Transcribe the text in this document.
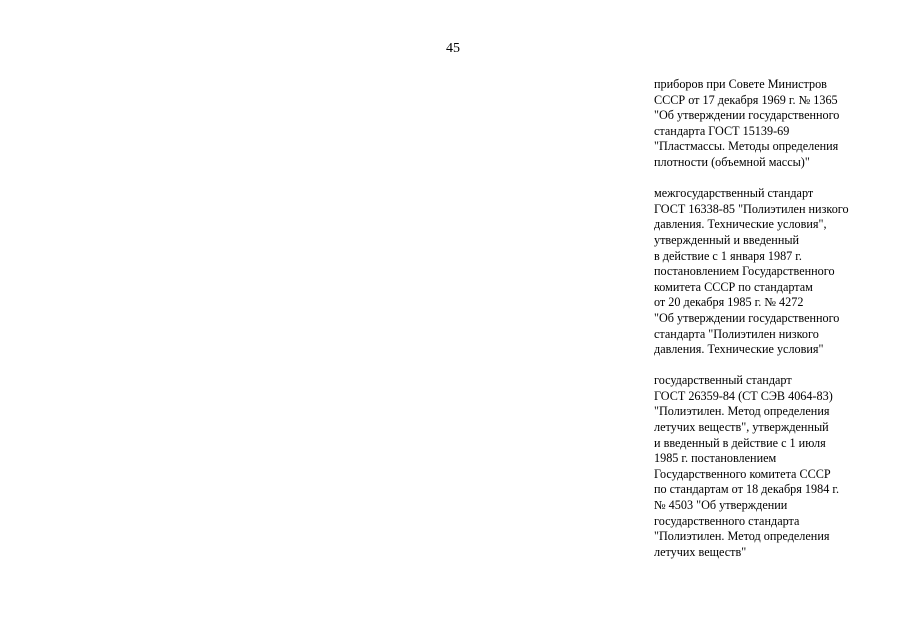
45
приборов при Совете Министров
СССР от 17 декабря 1969 г. № 1365
"Об утверждении государственного
стандарта ГОСТ 15139-69
"Пластмассы. Методы определения
плотности (объемной массы)"
межгосударственный стандарт
ГОСТ 16338-85 "Полиэтилен низкого
давления. Технические условия",
утвержденный и введенный
в действие с 1 января 1987 г.
постановлением Государственного
комитета СССР по стандартам
от 20 декабря 1985 г. № 4272
"Об утверждении государственного
стандарта "Полиэтилен низкого
давления. Технические условия"
государственный стандарт
ГОСТ 26359-84 (СТ СЭВ 4064-83)
"Полиэтилен. Метод определения
летучих веществ", утвержденный
и введенный в действие с 1 июля
1985 г. постановлением
Государственного комитета СССР
по стандартам от 18 декабря 1984 г.
№ 4503 "Об утверждении
государственного стандарта
"Полиэтилен. Метод определения
летучих веществ"
